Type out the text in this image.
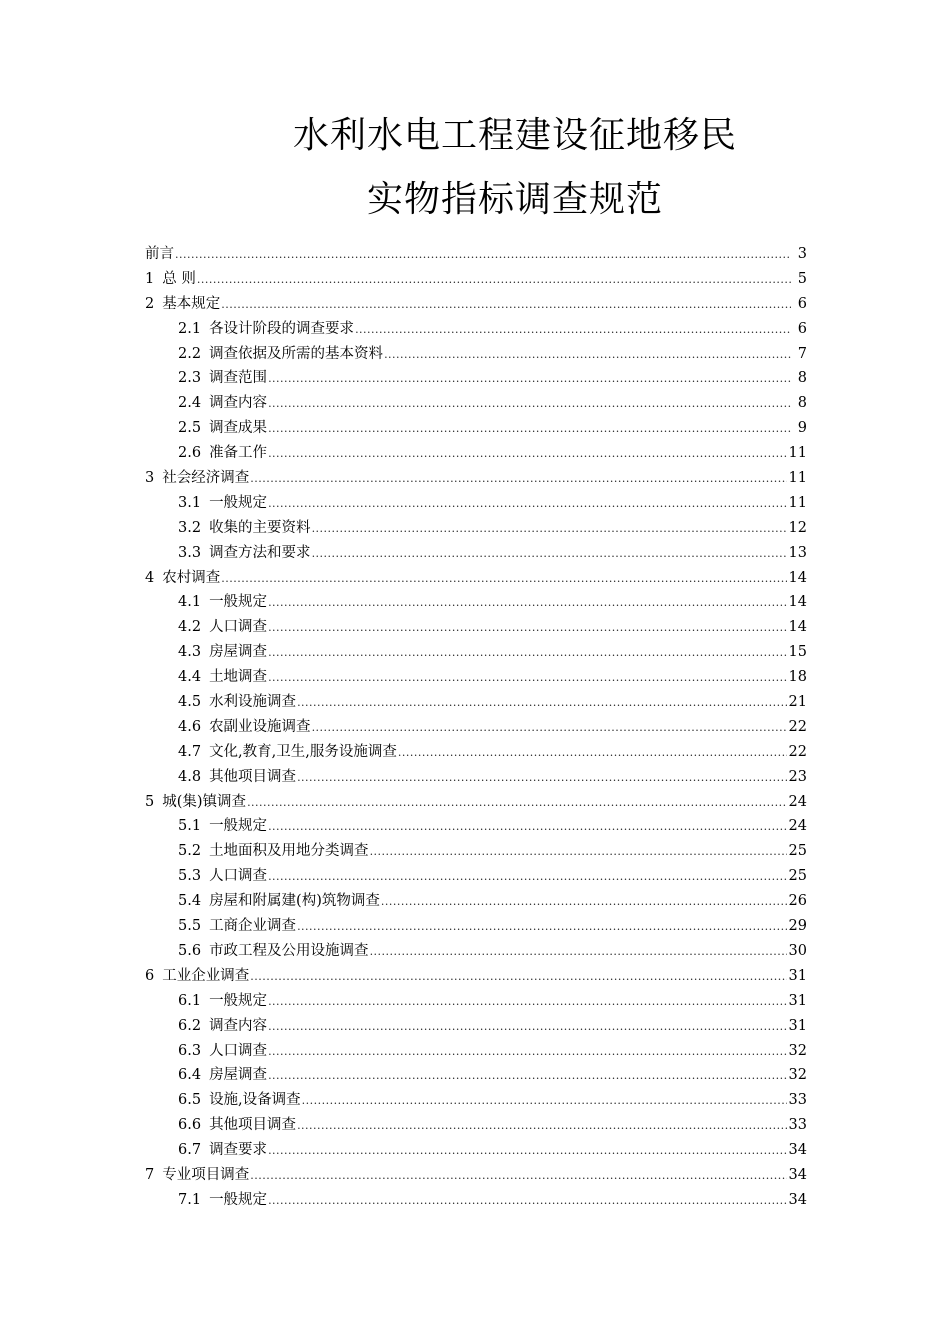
水利水电工程建设征地移民
实物指标调查规范
前言 .....	3
1 总 则 .....	5
2 基本规定 .....	6
2.1 各设计阶段的调查要求 .....	6
2.2 调查依据及所需的基本资料 .....	7
2.3 调查范围 .....	8
2.4 调查内容 .....	8
2.5 调查成果 .....	9
2.6 准备工作 .....	11
3 社会经济调查 .....	11
3.1 一般规定 .....	11
3.2 收集的主要资料 .....	12
3.3 调查方法和要求 .....	13
4 农村调查 .....	14
4.1 一般规定 .....	14
4.2 人口调查 .....	14
4.3 房屋调查 .....	15
4.4 土地调查 .....	18
4.5 水利设施调查 .....	21
4.6 农副业设施调查 .....	22
4.7 文化,教育,卫生,服务设施调查 .....	22
4.8 其他项目调查 .....	23
5 城(集)镇调查 .....	24
5.1 一般规定 .....	24
5.2 土地面积及用地分类调查 .....	25
5.3 人口调查 .....	25
5.4 房屋和附属建(构)筑物调查 .....	26
5.5 工商企业调查 .....	29
5.6 市政工程及公用设施调查 .....	30
6 工业企业调查 .....	31
6.1 一般规定 .....	31
6.2 调查内容 .....	31
6.3 人口调查 .....	32
6.4 房屋调查 .....	32
6.5 设施,设备调查 .....	33
6.6 其他项目调查 .....	33
6.7 调查要求 .....	34
7 专业项目调查 .....	34
7.1 一般规定 .....	34
